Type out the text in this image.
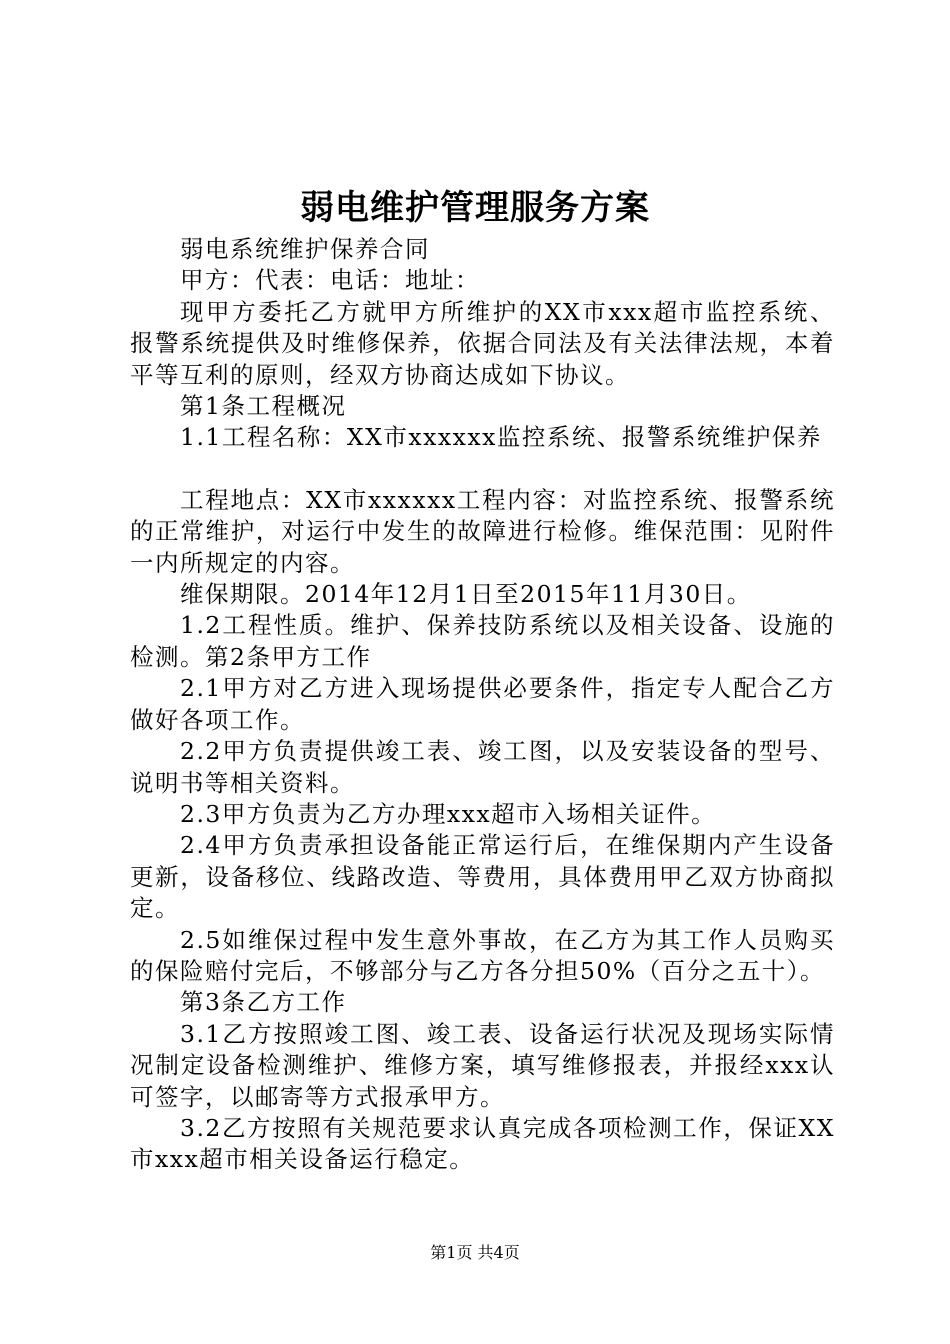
弱电维护管理服务方案

弱电系统维护保养合同

甲方：代表：电话：地址：

现甲方委托乙方就甲方所维护的XX市xxx超市监控系统、报警系统提供及时维修保养，依据合同法及有关法律法规，本着平等互利的原则，经双方协商达成如下协议。

第1条工程概况

1.1工程名称：XX市xxxxxx监控系统、报警系统维护保养

工程地点：XX市xxxxxx工程内容：对监控系统、报警系统的正常维护，对运行中发生的故障进行检修。维保范围：见附件一内所规定的内容。

维保期限。2014年12月1日至2015年11月30日。

1.2工程性质。维护、保养技防系统以及相关设备、设施的检测。第2条甲方工作

2.1甲方对乙方进入现场提供必要条件，指定专人配合乙方做好各项工作。

2.2甲方负责提供竣工表、竣工图，以及安装设备的型号、说明书等相关资料。

2.3甲方负责为乙方办理xxx超市入场相关证件。

2.4甲方负责承担设备能正常运行后，在维保期内产生设备更新，设备移位、线路改造、等费用，具体费用甲乙双方协商拟定。

2.5如维保过程中发生意外事故，在乙方为其工作人员购买的保险赔付完后，不够部分与乙方各分担50%（百分之五十）。

第3条乙方工作

3.1乙方按照竣工图、竣工表、设备运行状况及现场实际情况制定设备检测维护、维修方案，填写维修报表，并报经xxx认可签字，以邮寄等方式报承甲方。

3.2乙方按照有关规范要求认真完成各项检测工作，保证XX市xxx超市相关设备运行稳定。

第1页 共4页
